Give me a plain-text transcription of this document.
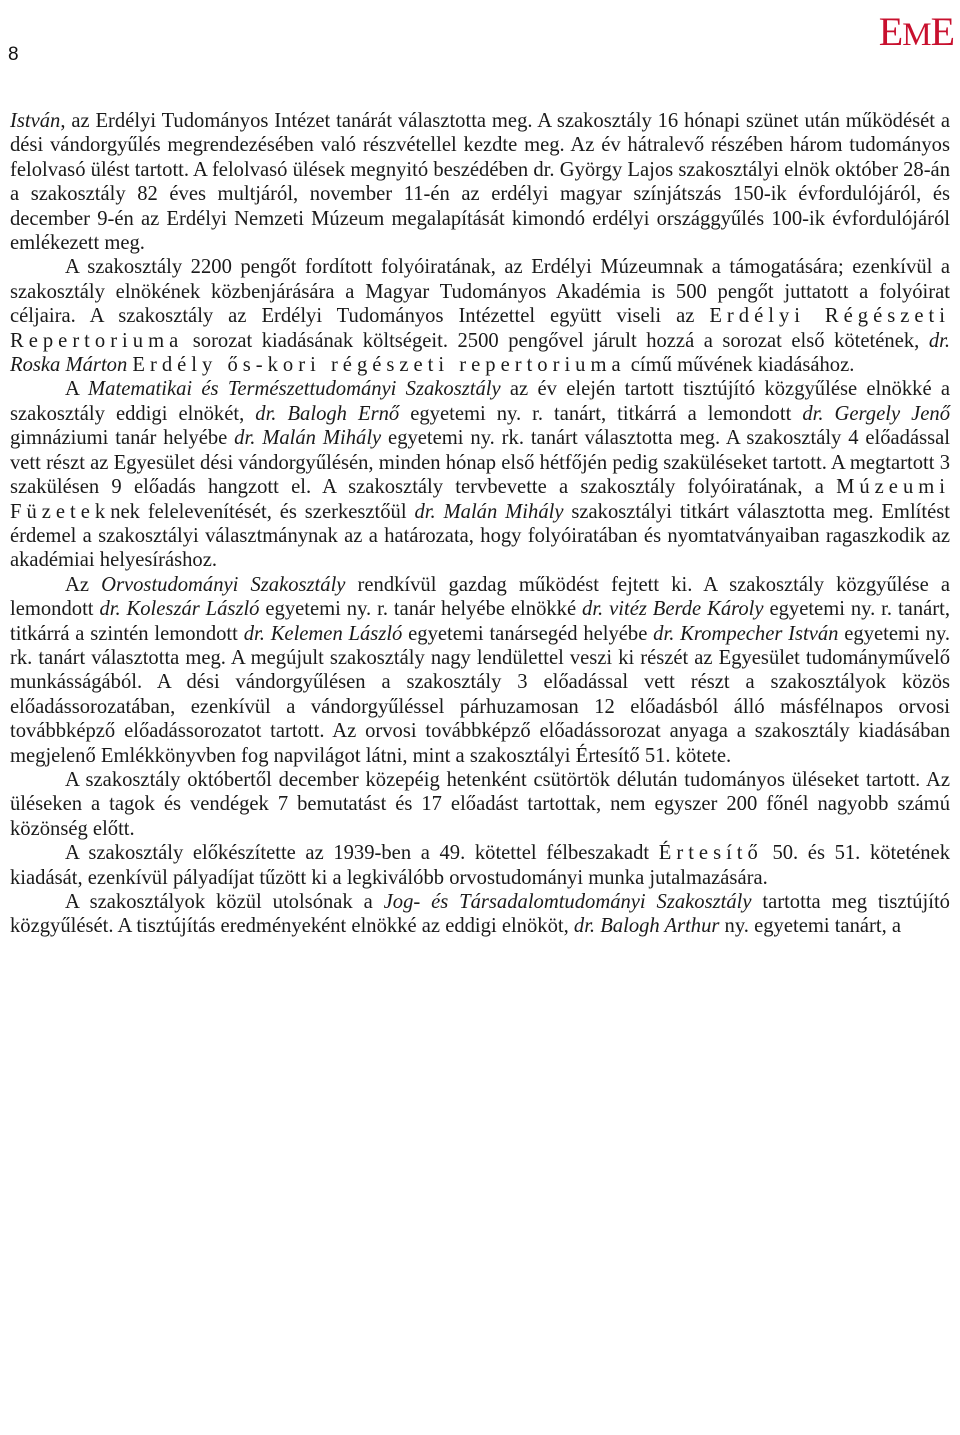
8
EME

István, az Erdélyi Tudományos Intézet tanárát választotta meg. A szakosztály 16 hónapi szünet után működését a dési vándorgyűlés megrendezésében való részvétellel kezdte meg. Az év hátralevő részében három tudományos felolvasó ülést tartott. A felolvasó ülések megnyitó beszédében dr. György Lajos szakosztályi elnök október 28-án a szakosztály 82 éves multjáról, november 11-én az erdélyi magyar színjátszás 150-ik évfordulójáról, és december 9-én az Erdélyi Nemzeti Múzeum megalapítását kimondó erdélyi országgyűlés 100-ik évfordulójáról emlékezett meg.

A szakosztály 2200 pengőt fordított folyóiratának, az Erdélyi Múzeumnak a támogatására; ezenkívül a szakosztály elnökének közbenjárására a Magyar Tudományos Akadémia is 500 pengőt juttatott a folyóirat céljaira. A szakosztály az Erdélyi Tudományos Intézettel együtt viseli az Erdélyi Régészeti Repertoriuma sorozat kiadásának költségeit. 2500 pengővel járult hozzá a sorozat első kötetének, dr. Roska Márton Erdély ős-kori régészeti repertoriuma című művének kiadásához.

A Matematikai és Természettudományi Szakosztály az év elején tartott tisztújító közgyűlése elnökké a szakosztály eddigi elnökét, dr. Balogh Ernő egyetemi ny. r. tanárt, titkárrá a lemondott dr. Gergely Jenő gimnáziumi tanár helyébe dr. Malán Mihály egyetemi ny. rk. tanárt választotta meg. A szakosztály 4 előadással vett részt az Egyesület dési vándorgyűlésén, minden hónap első hétfőjén pedig szaküléseket tartott. A megtartott 3 szakülésen 9 előadás hangzott el. A szakosztály tervbevette a szakosztály folyóiratának, a Múzeumi Füzeteknek felelevenítését, és szerkesztőül dr. Malán Mihály szakosztályi titkárt választotta meg. Említést érdemel a szakosztályi választmánynak az a határozata, hogy folyóiratában és nyomtatványaiban ragaszkodik az akadémiai helyesíráshoz.

Az Orvostudományi Szakosztály rendkívül gazdag működést fejtett ki. A szakosztály közgyűlése a lemondott dr. Koleszár László egyetemi ny. r. tanár helyébe elnökké dr. vitéz Berde Károly egyetemi ny. r. tanárt, titkárrá a szintén lemondott dr. Kelemen László egyetemi tanársegéd helyébe dr. Krompecher István egyetemi ny. rk. tanárt választotta meg. A megújult szakosztály nagy lendülettel veszi ki részét az Egyesület tudományművelő munkásságából. A dési vándorgyűlésen a szakosztály 3 előadással vett részt a szakosztályok közös előadássorozatában, ezenkívül a vándorgyűléssel párhuzamosan 12 előadásból álló másfélnapos orvosi továbbképző előadássorozatot tartott. Az orvosi továbbképző előadássorozat anyaga a szakosztály kiadásában megjelenő Emlékkönyvben fog napvilágot látni, mint a szakosztályi Értesítő 51. kötete.

A szakosztály októbertől december közepéig hetenként csütörtök délután tudományos üléseket tartott. Az üléseken a tagok és vendégek 7 bemutatást és 17 előadást tartottak, nem egyszer 200 főnél nagyobb számú közönség előtt.

A szakosztály előkészítette az 1939-ben a 49. kötettel félbeszakadt Értesítő 50. és 51. kötetének kiadását, ezenkívül pályadíjat tűzött ki a legkiválóbb orvostudományi munka jutalmazására.

A szakosztályok közül utolsónak a Jog- és Társadalomtudományi Szakosztály tartotta meg tisztújító közgyűlését. A tisztújítás eredményeként elnökké az eddigi elnököt, dr. Balogh Arthur ny. egyetemi tanárt, a
